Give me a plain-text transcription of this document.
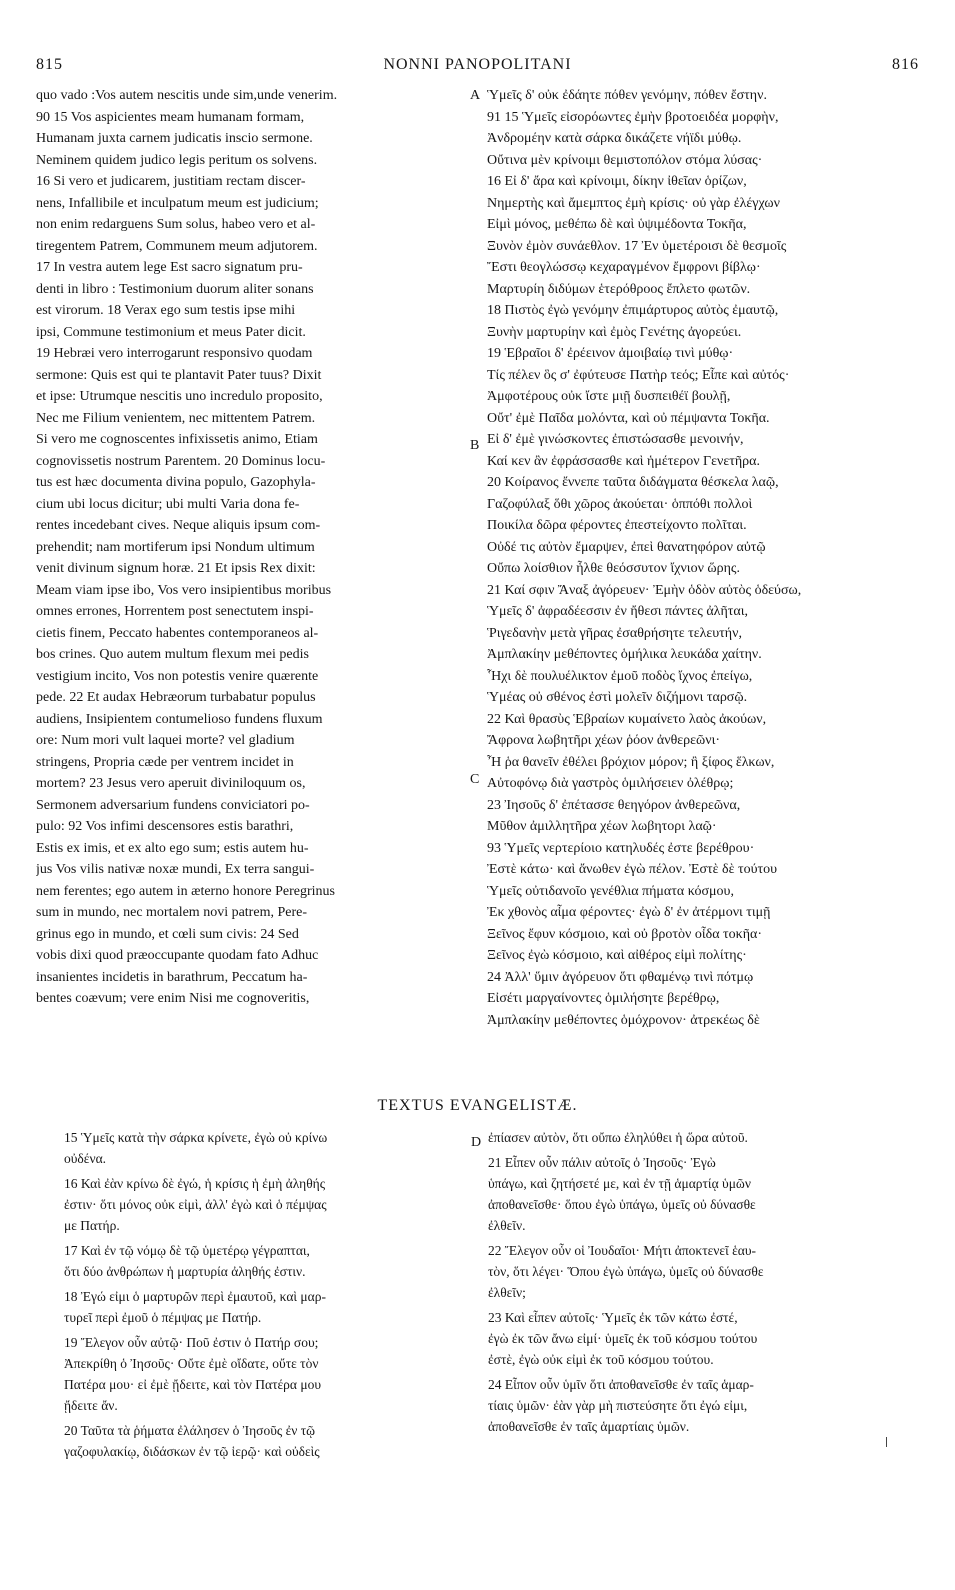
815	NONNI PANOPOLITANI	816
quo vado :Vos autem nescitis unde sim,unde venerim.
90 15 Vos aspicientes meam humanam formam,
Humanam juxta carnem judicatis inscio sermone.
Neminem quidem judico legis peritum os solvens.
16 Si vero et judicarem, justitiam rectam discer-
nens, Infallibile et inculpatum meum est judicium;
non enim redarguens Sum solus, habeo vero et al-
tiregentem Patrem, Communem meum adjutorem.
17 In vestra autem lege Est sacro signatum pru-
denti in libro : Testimonium duorum aliter sonans
est virorum. 18 Verax ego sum testis ipse mihi
ipsi, Commune testimonium et meus Pater dicit.
19 Hebræi vero interrogarunt responsivo quodam
sermone: Quis est qui te plantavit Pater tuus? Dixit
et ipse: Utrumque nescitis uno incredulo proposito,
Nec me Filium venientem, nec mittentem Patrem.
Si vero me cognoscentes infixissetis animo, Etiam
cognovissetis nostrum Parentem. 20 Dominus locu-
tus est hæc documenta divina populo, Gazophyla-
cium ubi locus dicitur; ubi multi Varia dona fe-
rentes incedebant cives. Neque aliquis ipsum com-
prehendit; nam mortiferum ipsi Nondum ultimum
venit divinum signum horæ. 21 Et ipsis Rex dixit:
Meam viam ipse ibo, Vos vero insipientibus moribus
omnes errones, Horrentem post senectutem inspi-
cietis finem, Peccato habentes contemporaneos al-
bos crines. Quo autem multum flexum mei pedis
vestigium incito, Vos non potestis venire quærente
pede. 22 Et audax Hebræorum turbabatur populus
audiens, Insipientem contumelioso fundens fluxum
ore: Num mori vult laquei morte? vel gladium
stringens, Propria cæde per ventrem incidet in
mortem? 23 Jesus vero aperuit diviniloquum os,
Sermonem adversarium fundens conviciatori po-
pulo: 92 Vos infimi descensores estis barathri,
Estis ex imis, et ex alto ego sum; estis autem hu-
jus Vos vilis nativæ noxæ mundi, Ex terra sangui-
nem ferentes; ego autem in æterno honore Peregrinus
sum in mundo, nec mortalem novi patrem, Pere-
grinus ego in mundo, et cœli sum civis: 24 Sed
vobis dixi quod præoccupante quodam fato Adhuc
insanientes incidetis in barathrum, Peccatum ha-
bentes coævum; vere enim Nisi me cognoveritis,
Ὑμεῖς δ' οὐκ ἐδάητε πόθεν γενόμην, πόθεν ἔστην.
91 15 Ὑμεῖς εἰσορόωντες ἐμὴν βροτοειδέα μορφὴν,
Ἀνδρομέην κατὰ σάρκα δικάζετε νήϊδι μύθῳ.
Οὔτινα μὲν κρίνοιμι θεμιστοπόλον στόμα λύσας·
16 Εἰ δ' ἄρα καὶ κρίνοιμι, δίκην ἰθεῖαν ὁρίζων,
Νημερτὴς καὶ ἄμεμπτος ἐμὴ κρίσις· οὐ γὰρ ἐλέγχων
Εἰμὶ μόνος, μεθέπω δὲ καὶ ὑψιμέδοντα Τοκῆα,
Ξυνὸν ἐμὸν συνάεθλον. 17 Ἐν ὑμετέροισι δὲ θεσμοῖς
Ἔστι θεογλώσσῳ κεχαραγμένον ἔμφρονι βίβλῳ·
Μαρτυρίη διδύμων ἑτερόθροος ἔπλετο φωτῶν.
18 Πιστὸς ἐγὼ γενόμην ἐπιμάρτυρος αὐτὸς ἐμαυτῷ,
Ξυνὴν μαρτυρίην καὶ ἐμὸς Γενέτης ἀγορεύει.
19 Ἑβραῖοι δ' ἐρέεινον ἀμοιβαίῳ τινὶ μύθῳ·
Τίς πέλεν ὃς σ' ἐφύτευσε Πατὴρ τεός; Εἶπε καὶ αὐτός·
Ἀμφοτέρους οὐκ ἴστε μιῇ δυσπειθέϊ βουλῇ,
Οὔτ' ἐμὲ Παῖδα μολόντα, καὶ οὐ πέμψαντα Τοκῆα.
Εἰ δ' ἐμὲ γινώσκοντες ἐπιστώσασθε μενοινήν,
Καί κεν ἂν ἐφράσσασθε καὶ ἡμέτερον Γενετῆρα.
20 Κοίρανος ἔννεπε ταῦτα διδάγματα θέσκελα λαῷ,
Γαζοφύλαξ ὅθι χῶρος ἀκούεται· ὁππόθι πολλοὶ
Ποικίλα δῶρα φέροντες ἐπεστείχοντο πολῖται.
Οὐδέ τις αὐτὸν ἔμαρψεν, ἐπεὶ θανατηφόρον αὐτῷ
Οὔπω λοίσθιον ἦλθε θεόσσυτον ἴχνιον ὥρης.
21 Καί σφιν Ἄναξ ἀγόρευεν· Ἐμὴν ὁδὸν αὐτὸς ὁδεύσω,
Ὑμεῖς δ' ἀφραδέεσσιν ἐν ἤθεσι πάντες ἀλῆται,
Ῥιγεδανὴν μετὰ γῆρας ἐσαθρήσητε τελευτήν,
Ἀμπλακίην μεθέποντες ὁμήλικα λευκάδα χαίτην.
Ἧχι δὲ πουλυέλικτον ἐμοῦ ποδὸς ἴχνος ἐπείγω,
Ὑμέας οὐ σθένος ἐστὶ μολεῖν διζήμονι ταρσῷ.
22 Καὶ θρασὺς Ἑβραίων κυμαίνετο λαὸς ἀκούων,
Ἄφρονα λωβητῆρι χέων ῥόον ἀνθερεῶνι·
Ἦ ῥα θανεῖν ἐθέλει βρόχιον μόρον; ἢ ξίφος ἕλκων,
Αὐτοφόνῳ διὰ γαστρὸς ὁμιλήσειεν ὀλέθρῳ;
23 Ἰησοῦς δ' ἐπέτασσε θεηγόρον ἀνθερεῶνα,
Μῦθον ἀμιλλητῆρα χέων λωβητορι λαῷ·
93 Ὑμεῖς νερτερίοιο κατηλυδές ἐστε βερέθρου·
Ἐστὲ κάτω· καὶ ἄνωθεν ἐγὼ πέλον. Ἐστὲ δὲ τούτου
Ὑμεῖς οὐτιδανοῖο γενέθλια πήματα κόσμου,
Ἐκ χθονὸς αἷμα φέροντες· ἐγὼ δ' ἐν ἀτέρμονι τιμῇ
Ξεῖνος ἔφυν κόσμοιο, καὶ οὐ βροτὸν οἶδα τοκῆα·
Ξεῖνος ἐγὼ κόσμοιο, καὶ αἰθέρος εἰμὶ πολίτης·
24 Ἀλλ' ὕμιν ἀγόρευον ὅτι φθαμένῳ τινὶ πότμῳ
Εἰσέτι μαργαίνοντες ὁμιλήσητε βερέθρῳ,
Ἀμπλακίην μεθέποντες ὁμόχρονον· ἀτρεκέως δὲ
A
B
C
D
TEXTUS EVANGELISTÆ.
15 Ὑμεῖς κατὰ τὴν σάρκα κρίνετε, ἐγὼ οὐ κρίνω
οὐδένα.
16 Καὶ ἐὰν κρίνω δὲ ἐγώ, ἡ κρίσις ἡ ἐμὴ ἀληθής
ἐστιν· ὅτι μόνος οὐκ εἰμὶ, ἀλλ' ἐγὼ καὶ ὁ πέμψας
με Πατήρ.
17 Καὶ ἐν τῷ νόμῳ δὲ τῷ ὑμετέρῳ γέγραπται,
ὅτι δύο ἀνθρώπων ἡ μαρτυρία ἀληθής ἐστιν.
18 Ἐγώ εἰμι ὁ μαρτυρῶν περὶ ἐμαυτοῦ, καὶ μαρ-
τυρεῖ περὶ ἐμοῦ ὁ πέμψας με Πατήρ.
19 Ἔλεγον οὖν αὐτῷ· Ποῦ ἐστιν ὁ Πατήρ σου;
Ἀπεκρίθη ὁ Ἰησοῦς· Οὔτε ἐμὲ οἴδατε, οὔτε τὸν
Πατέρα μου· εἰ ἐμὲ ᾔδειτε, καὶ τὸν Πατέρα μου
ᾔδειτε ἄν.
20 Ταῦτα τὰ ῥήματα ἐλάλησεν ὁ Ἰησοῦς ἐν τῷ
γαζοφυλακίῳ, διδάσκων ἐν τῷ ἱερῷ· καὶ οὐδεὶς
ἐπίασεν αὐτὸν, ὅτι οὔπω ἐληλύθει ἡ ὥρα αὐτοῦ.
21 Εἶπεν οὖν πάλιν αὐτοῖς ὁ Ἰησοῦς· Ἐγὼ
ὑπάγω, καὶ ζητήσετέ με, καὶ ἐν τῇ ἁμαρτίᾳ ὑμῶν
ἀποθανεῖσθε· ὅπου ἐγὼ ὑπάγω, ὑμεῖς οὐ δύνασθε
ἐλθεῖν.
22 Ἔλεγον οὖν οἱ Ἰουδαῖοι· Μήτι ἀποκτενεῖ ἑαυ-
τὸν, ὅτι λέγει· Ὅπου ἐγὼ ὑπάγω, ὑμεῖς οὐ δύνασθε
ἐλθεῖν;
23 Καὶ εἶπεν αὐτοῖς· Ὑμεῖς ἐκ τῶν κάτω ἐστέ,
ἐγὼ ἐκ τῶν ἄνω εἰμί· ὑμεῖς ἐκ τοῦ κόσμου τούτου
ἐστὲ, ἐγὼ οὐκ εἰμὶ ἐκ τοῦ κόσμου τούτου.
24 Εἶπον οὖν ὑμῖν ὅτι ἀποθανεῖσθε ἐν ταῖς ἁμαρ-
τίαις ὑμῶν· ἐὰν γὰρ μὴ πιστεύσητε ὅτι ἐγώ εἰμι,
ἀποθανεῖσθε ἐν ταῖς ἁμαρτίαις ὑμῶν.
